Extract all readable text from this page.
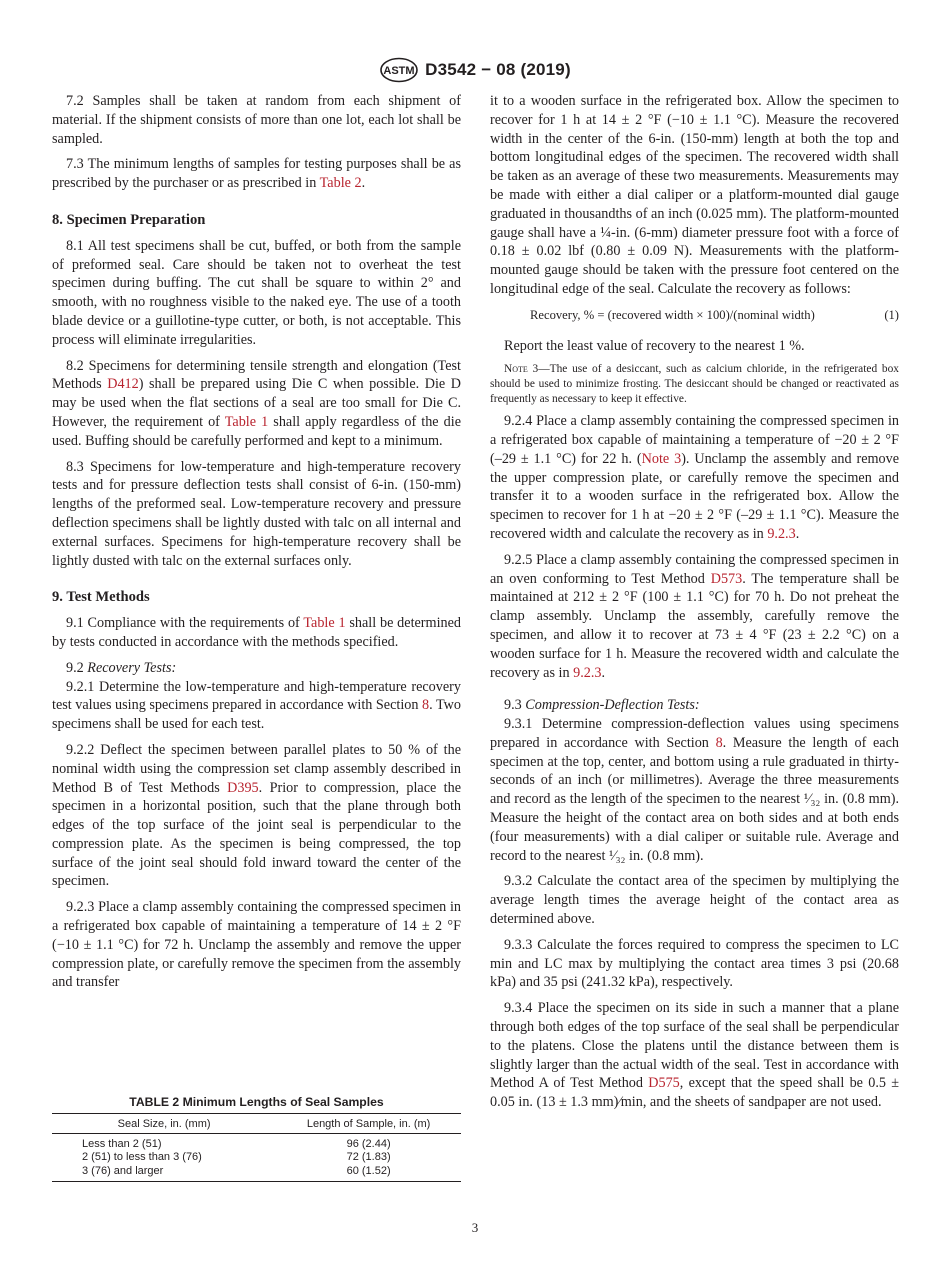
ASTM D3542 − 08 (2019)

7.2 Samples shall be taken at random from each shipment of material. If the shipment consists of more than one lot, each lot shall be sampled.

7.3 The minimum lengths of samples for testing purposes shall be as prescribed by the purchaser or as prescribed in Table 2.

8. Specimen Preparation

8.1 All test specimens shall be cut, buffed, or both from the sample of preformed seal. Care should be taken not to overheat the test specimen during buffing. The cut shall be square to within 2° and smooth, with no roughness visible to the naked eye. The use of a tooth blade device or a guillotine-type cutter, or both, is not acceptable. This process will eliminate irregularities.

8.2 Specimens for determining tensile strength and elongation (Test Methods D412) shall be prepared using Die C when possible. Die D may be used when the flat sections of a seal are too small for Die C. However, the requirement of Table 1 shall apply regardless of the die used. Buffing should be carefully performed and kept to a minimum.

8.3 Specimens for low-temperature and high-temperature recovery tests and for pressure deflection tests shall consist of 6-in. (150-mm) lengths of the preformed seal. Low-temperature recovery and pressure deflection specimens shall be lightly dusted with talc on all internal and external surfaces. Specimens for high-temperature recovery shall be lightly dusted with talc on the external surfaces only.

9. Test Methods

9.1 Compliance with the requirements of Table 1 shall be determined by tests conducted in accordance with the methods specified.

9.2 Recovery Tests:

9.2.1 Determine the low-temperature and high-temperature recovery test values using specimens prepared in accordance with Section 8. Two specimens shall be used for each test.

9.2.2 Deflect the specimen between parallel plates to 50 % of the nominal width using the compression set clamp assembly described in Method B of Test Methods D395. Prior to compression, place the specimen in a horizontal position, such that the plane through both edges of the top surface of the joint seal is perpendicular to the compression plate. As the specimen is being compressed, the top surface of the joint seal should fold inward toward the center of the specimen.

9.2.3 Place a clamp assembly containing the compressed specimen in a refrigerated box capable of maintaining a temperature of 14 ± 2 °F (−10 ± 1.1 °C) for 72 h. Unclamp the assembly and remove the upper compression plate, or carefully remove the specimen from the assembly and transfer

TABLE 2 Minimum Lengths of Seal Samples
Seal Size, in. (mm)	Length of Sample, in. (m)
Less than 2 (51)	96 (2.44)
2 (51) to less than 3 (76)	72 (1.83)
3 (76) and larger	60 (1.52)

it to a wooden surface in the refrigerated box. Allow the specimen to recover for 1 h at 14 ± 2 °F (−10 ± 1.1 °C). Measure the recovered width in the center of the 6-in. (150-mm) length at both the top and bottom longitudinal edges of the specimen. The recovered width shall be taken as an average of these two measurements. Measurements may be made with either a dial caliper or a platform-mounted dial gauge graduated in thousandths of an inch (0.025 mm). The platform-mounted gauge shall have a ¼-in. (6-mm) diameter pressure foot with a force of 0.18 ± 0.02 lbf (0.80 ± 0.09 N). Measurements with the platform-mounted gauge should be taken with the pressure foot centered on the longitudinal edge of the seal. Calculate the recovery as follows:

Recovery, % = (recovered width × 100)/(nominal width)	(1)

Report the least value of recovery to the nearest 1 %.

Note 3—The use of a desiccant, such as calcium chloride, in the refrigerated box should be used to minimize frosting. The desiccant should be changed or reactivated as frequently as necessary to keep it effective.

9.2.4 Place a clamp assembly containing the compressed specimen in a refrigerated box capable of maintaining a temperature of −20 ± 2 °F (–29 ± 1.1 °C) for 22 h. (Note 3). Unclamp the assembly and remove the upper compression plate, or carefully remove the specimen and transfer it to a wooden surface in the refrigerated box. Allow the specimen to recover for 1 h at −20 ± 2 °F (–29 ± 1.1 °C). Measure the recovered width and calculate the recovery as in 9.2.3.

9.2.5 Place a clamp assembly containing the compressed specimen in an oven conforming to Test Method D573. The temperature shall be maintained at 212 ± 2 °F (100 ± 1.1 °C) for 70 h. Do not preheat the clamp assembly. Unclamp the assembly, carefully remove the specimen, and allow it to recover at 73 ± 4 °F (23 ± 2.2 °C) on a wooden surface for 1 h. Measure the recovered width and calculate the recovery as in 9.2.3.

9.3 Compression-Deflection Tests:

9.3.1 Determine compression-deflection values using specimens prepared in accordance with Section 8. Measure the length of each specimen at the top, center, and bottom using a rule graduated in thirty-seconds of an inch (or millimetres). Average the three measurements and record as the length of the specimen to the nearest ¹⁄₃₂ in. (0.8 mm). Measure the height of the contact area on both sides and at both ends (four measurements) with a dial caliper or suitable rule. Average and record to the nearest ¹⁄₃₂ in. (0.8 mm).

9.3.2 Calculate the contact area of the specimen by multiplying the average length times the average height of the contact area as determined above.

9.3.3 Calculate the forces required to compress the specimen to LC min and LC max by multiplying the contact area times 3 psi (20.68 kPa) and 35 psi (241.32 kPa), respectively.

9.3.4 Place the specimen on its side in such a manner that a plane through both edges of the top surface of the seal shall be perpendicular to the platens. Close the platens until the distance between them is slightly larger than the actual width of the seal. Test in accordance with Method A of Test Method D575, except that the speed shall be 0.5 ± 0.05 in. (13 ± 1.3 mm)⁄min, and the sheets of sandpaper are not used.

3
